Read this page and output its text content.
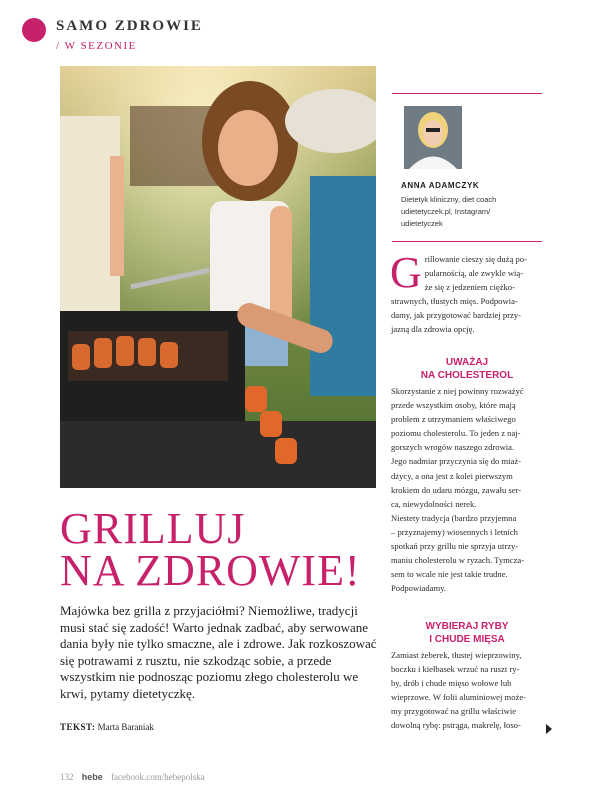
SAMO ZDROWIE
/ W SEZONIE
GRILLUJ
NA ZDROWIE!

Majówka bez grilla z przyjaciółmi? Niemożliwe, tradycji musi stać się zadość! Warto jednak zadbać, aby serwowane dania były nie tylko smaczne, ale i zdrowe. Jak rozkoszować się potrawami z rusztu, nie szkodząc sobie, a przede wszystkim nie podnosząc poziomu złego cholesterolu we krwi, pytamy dietetyczkę.

TEKST: Marta Baraniak
ANNA ADAMCZYK
Dietetyk kliniczny, diet coach
udietetyczek.pl, Instagram/
udietetyczek
G rillowanie cieszy się dużą po-
pularnością, ale zwykle wią-
że się z jedzeniem ciężko-
strawnych, tłustych mięs. Podpowia-
damy, jak przygotować bardziej przy-
jazną dla zdrowia opcję.
UWAŻAJ
NA CHOLESTEROL
Skorzystanie z niej powinny rozważyć
przede wszystkim osoby, które mają
problem z utrzymaniem właściwego
poziomu cholesterolu. To jeden z naj-
gorszych wrogów naszego zdrowia.
Jego nadmiar przyczynia się do miaż-
dżycy, a ona jest z kolei pierwszym
krokiem do udaru mózgu, zawału ser-
ca, niewydolności nerek.
Niestety tradycja (bardzo przyjemna
– przyznajemy) wiosennych i letnich
spotkań przy grillu nie sprzyja utrzy-
maniu cholesterolu w ryzach. Tymcza-
sem to wcale nie jest takie trudne.
Podpowiadamy.
WYBIERAJ RYBY
I CHUDE MIĘSA
Zamiast żeberek, tłustej wieprzowiny,
boczku i kiełbasek wrzuć na ruszt ry-
by, drób i chude mięso wołowe lub
wieprzowe. W folii aluminiowej może-
my przygotować na grillu właściwie
dowolną rybę: pstrąga, makrelę, łoso-
132 hebe facebook.com/hebepolska
